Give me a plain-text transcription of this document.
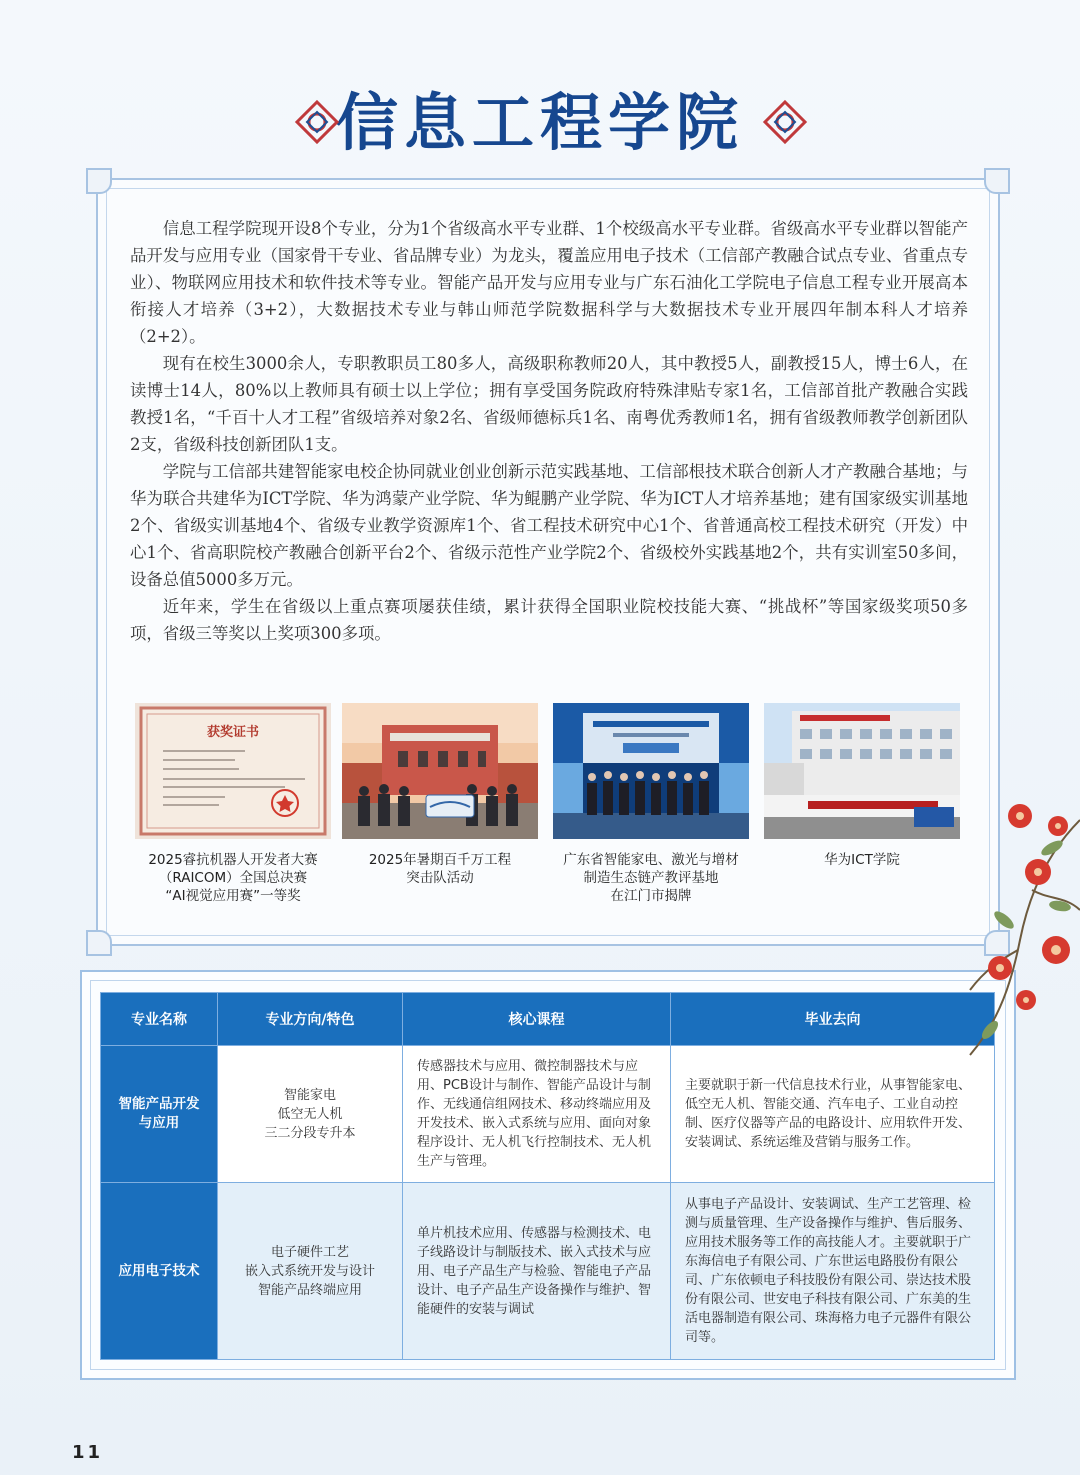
信息工程学院

信息工程学院现开设8个专业，分为1个省级高水平专业群、1个校级高水平专业群。省级高水平专业群以智能产品开发与应用专业（国家骨干专业、省品牌专业）为龙头，覆盖应用电子技术（工信部产教融合试点专业、省重点专业）、物联网应用技术和软件技术等专业。智能产品开发与应用专业与广东石油化工学院电子信息工程专业开展高本衔接人才培养（3+2），大数据技术专业与韩山师范学院数据科学与大数据技术专业开展四年制本科人才培养（2+2）。

现有在校生3000余人，专职教职员工80多人，高级职称教师20人，其中教授5人，副教授15人，博士6人，在读博士14人，80%以上教师具有硕士以上学位；拥有享受国务院政府特殊津贴专家1名，工信部首批产教融合实践教授1名，“千百十人才工程”省级培养对象2名、省级师德标兵1名、南粤优秀教师1名，拥有省级教师教学创新团队2支，省级科技创新团队1支。

学院与工信部共建智能家电校企协同就业创业创新示范实践基地、工信部根技术联合创新人才产教融合基地；与华为联合共建华为ICT学院、华为鸿蒙产业学院、华为鲲鹏产业学院、华为ICT人才培养基地；建有国家级实训基地2个、省级实训基地4个、省级专业教学资源库1个、省工程技术研究中心1个、省普通高校工程技术研究（开发）中心1个、省高职院校产教融合创新平台2个、省级示范性产业学院2个、省级校外实践基地2个，共有实训室50多间，设备总值5000多万元。

近年来，学生在省级以上重点赛项屡获佳绩，累计获得全国职业院校技能大赛、“挑战杯”等国家级奖项50多项，省级三等奖以上奖项300多项。

获奖证书
2025睿抗机器人开发者大赛
（RAICOM）全国总决赛
“AI视觉应用赛”一等奖
2025年暑期百千万工程
突击队活动
广东省智能家电、激光与增材
制造生态链产教评基地
在江门市揭牌
华为ICT学院
专业名称	专业方向/特色	核心课程	毕业去向
智能产品开发
与应用	智能家电
低空无人机
三二分段专升本	传感器技术与应用、微控制器技术与应用、PCB设计与制作、智能产品设计与制作、无线通信组网技术、移动终端应用及开发技术、嵌入式系统与应用、面向对象程序设计、无人机飞行控制技术、无人机生产与管理。	主要就职于新一代信息技术行业，从事智能家电、低空无人机、智能交通、汽车电子、工业自动控制、医疗仪器等产品的电路设计、应用软件开发、安装调试、系统运维及营销与服务工作。
应用电子技术	电子硬件工艺
嵌入式系统开发与设计
智能产品终端应用	单片机技术应用、传感器与检测技术、电子线路设计与制版技术、嵌入式技术与应用、电子产品生产与检验、智能电子产品设计、电子产品生产设备操作与维护、智能硬件的安装与调试	从事电子产品设计、安装调试、生产工艺管理、检测与质量管理、生产设备操作与维护、售后服务、应用技术服务等工作的高技能人才。主要就职于广东海信电子有限公司、广东世运电路股份有限公司、广东依顿电子科技股份有限公司、崇达技术股份有限公司、世安电子科技有限公司、广东美的生活电器制造有限公司、珠海格力电子元器件有限公司等。
11
